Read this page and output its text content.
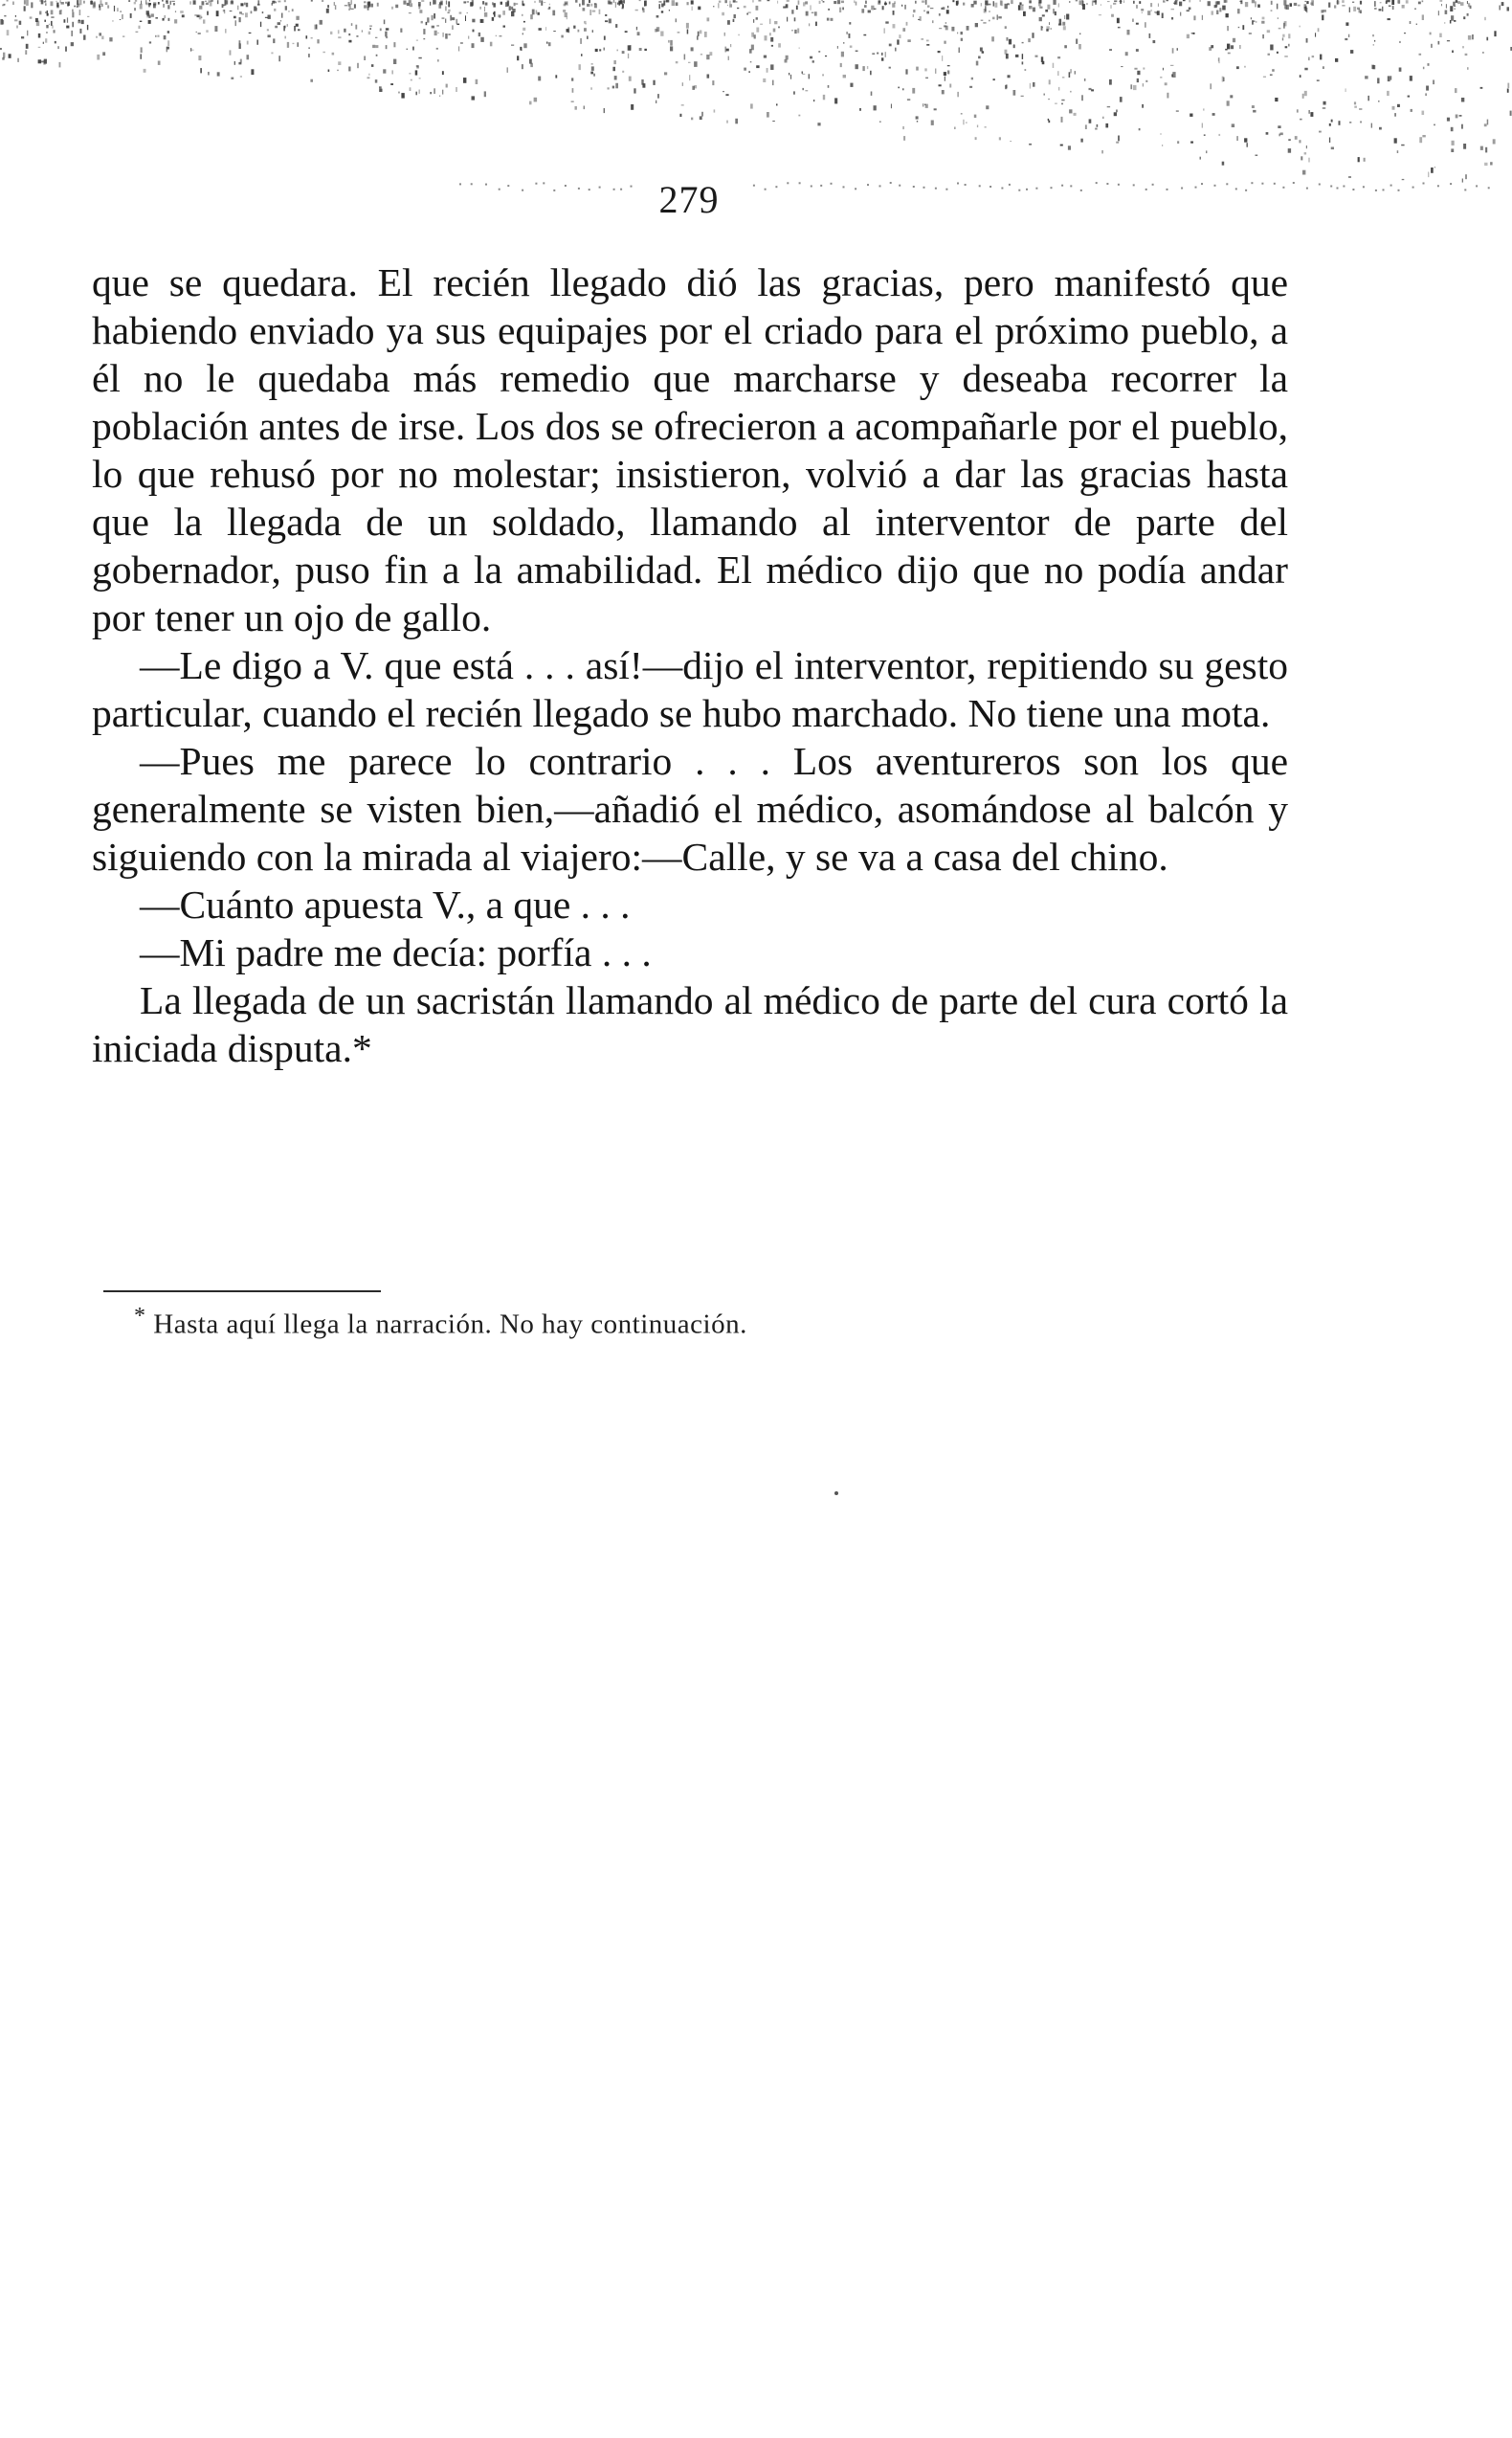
279

que se quedara. El recién llegado dió las gracias, pero manifestó que habiendo enviado ya sus equipajes por el criado para el próximo pueblo, a él no le quedaba más remedio que marcharse y deseaba recorrer la población antes de irse. Los dos se ofrecieron a acompañarle por el pueblo, lo que rehusó por no molestar; insistieron, volvió a dar las gracias hasta que la llegada de un soldado, llamando al interventor de parte del gobernador, puso fin a la amabilidad. El médico dijo que no podía andar por tener un ojo de gallo.

—Le digo a V. que está . . . así!—dijo el interventor, repitiendo su gesto particular, cuando el recién llegado se hubo marchado. No tiene una mota.

—Pues me parece lo contrario . . . Los aventureros son los que generalmente se visten bien,—añadió el médico, asomándose al balcón y siguiendo con la mirada al viajero:—Calle, y se va a casa del chino.

—Cuánto apuesta V., a que . . .

—Mi padre me decía: porfía . . .

La llegada de un sacristán llamando al médico de parte del cura cortó la iniciada disputa.*

* Hasta aquí llega la narración. No hay continuación.
